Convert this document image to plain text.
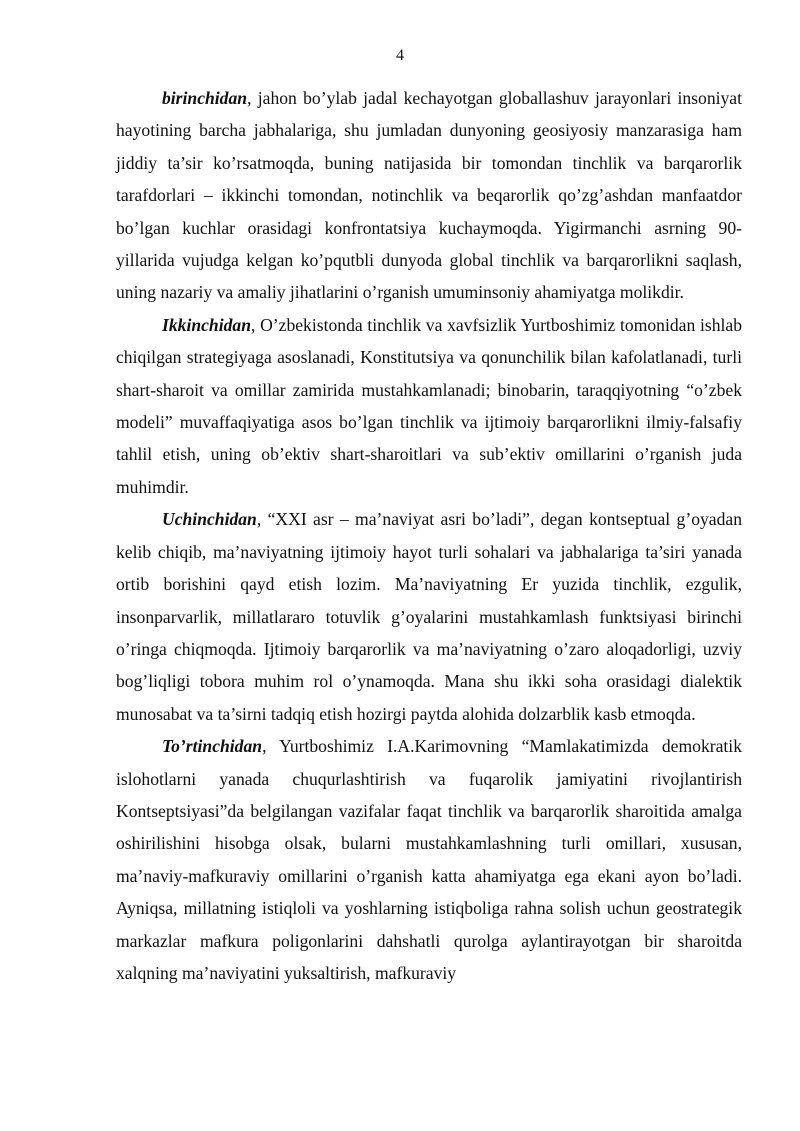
4

birinchidan, jahon bo’ylab jadal kechayotgan globallashuv jarayonlari insoniyat hayotining barcha jabhalariga, shu jumladan dunyoning geosiyosiy manzarasiga ham jiddiy ta’sir ko’rsatmoqda, buning natijasida bir tomondan tinchlik va barqarorlik tarafdorlari – ikkinchi tomondan, notinchlik va beqarorlik qo’zg’ashdan manfaatdor bo’lgan kuchlar orasidagi konfrontatsiya kuchaymoqda. Yigirmanchi asrning 90-yillarida vujudga kelgan ko’pqutbli dunyoda global tinchlik va barqarorlikni saqlash, uning nazariy va amaliy jihatlarini o’rganish umuminsoniy ahamiyatga molikdir.

Ikkinchidan, O’zbekistonda tinchlik va xavfsizlik Yurtboshimiz tomonidan ishlab chiqilgan strategiyaga asoslanadi, Konstitutsiya va qonunchilik bilan kafolatlanadi, turli shart-sharoit va omillar zamirida mustahkamlanadi; binobarin, taraqqiyotning “o’zbek modeli” muvaffaqiyatiga asos bo’lgan tinchlik va ijtimoiy barqarorlikni ilmiy-falsafiy tahlil etish, uning ob’ektiv shart-sharoitlari va sub’ektiv omillarini o’rganish juda muhimdir.

Uchinchidan, “XXI asr – ma’naviyat asri bo’ladi”, degan kontseptual g’oyadan kelib chiqib, ma’naviyatning ijtimoiy hayot turli sohalari va jabhalariga ta’siri yanada ortib borishini qayd etish lozim. Ma’naviyatning Er yuzida tinchlik, ezgulik, insonparvarlik, millatlararo totuvlik g’oyalarini mustahkamlash funktsiyasi birinchi o’ringa chiqmoqda. Ijtimoiy barqarorlik va ma’naviyatning o’zaro aloqadorligi, uzviy bog’liqligi tobora muhim rol o’ynamoqda. Mana shu ikki soha orasidagi dialektik munosabat va ta’sirni tadqiq etish hozirgi paytda alohida dolzarblik kasb etmoqda.

To’rtinchidan, Yurtboshimiz I.A.Karimovning “Mamlakatimizda demokratik islohotlarni yanada chuqurlashtirish va fuqarolik jamiyatini rivojlantirish Kontseptsiyasi”da belgilangan vazifalar faqat tinchlik va barqarorlik sharoitida amalga oshirilishini hisobga olsak, bularni mustahkamlashning turli omillari, xususan, ma’naviy-mafkuraviy omillarini o’rganish katta ahamiyatga ega ekani ayon bo’ladi. Ayniqsa, millatning istiqloli va yoshlarning istiqboliga rahna solish uchun geostrategik markazlar mafkura poligonlarini dahshatli qurolga aylantirayotgan bir sharoitda xalqning ma’naviyatini yuksaltirish, mafkuraviy
